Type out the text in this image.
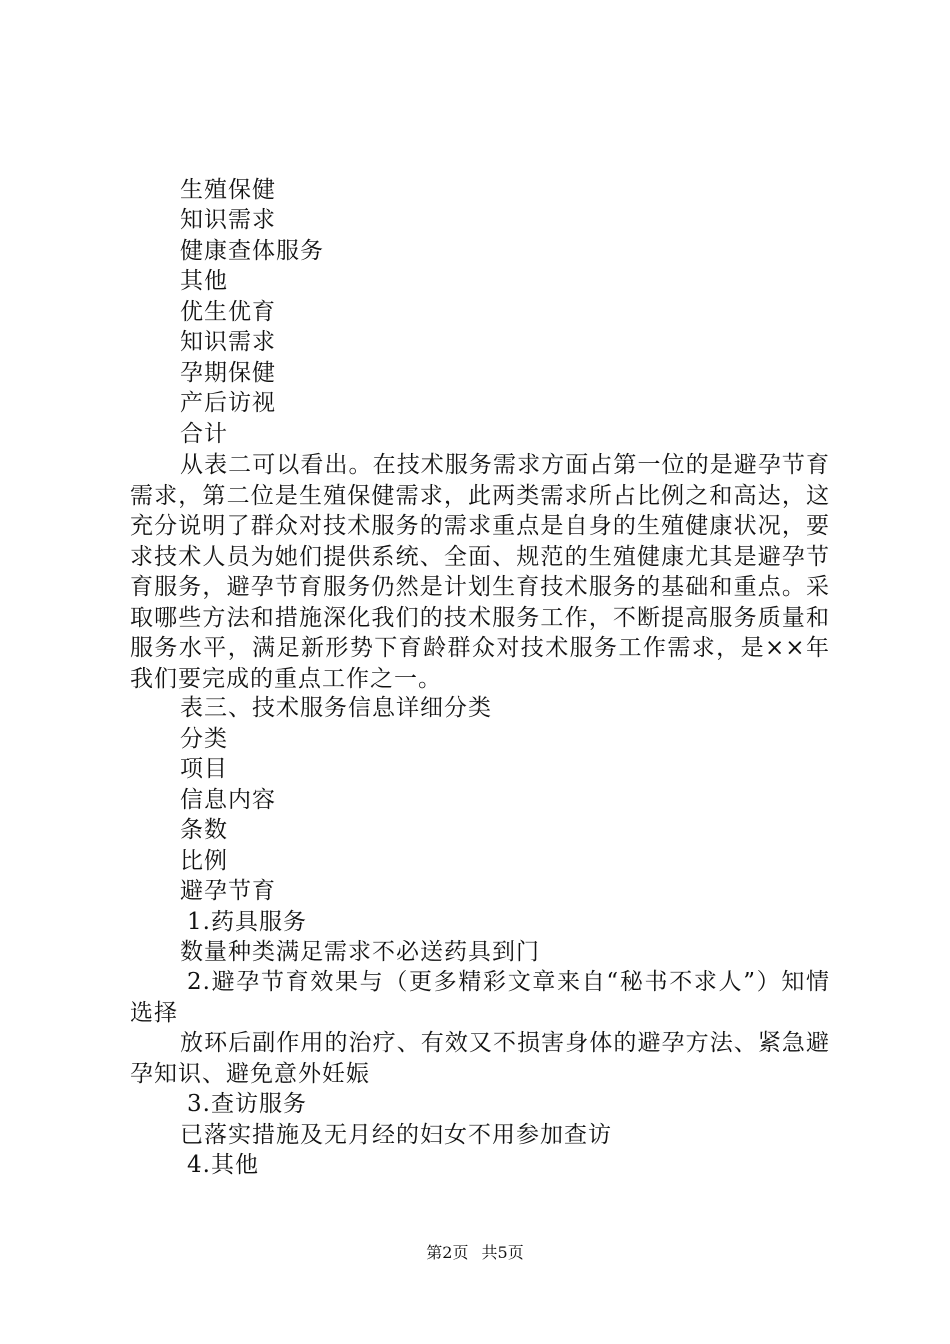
生殖保健
知识需求
健康查体服务
其他
优生优育
知识需求
孕期保健
产后访视
合计
从表二可以看出。在技术服务需求方面占第一位的是避孕节育需求，第二位是生殖保健需求，此两类需求所占比例之和高达，这充分说明了群众对技术服务的需求重点是自身的生殖健康状况，要求技术人员为她们提供系统、全面、规范的生殖健康尤其是避孕节育服务，避孕节育服务仍然是计划生育技术服务的基础和重点。采取哪些方法和措施深化我们的技术服务工作，不断提高服务质量和服务水平，满足新形势下育龄群众对技术服务工作需求，是××年我们要完成的重点工作之一。
表三、技术服务信息详细分类
分类
项目
信息内容
条数
比例
避孕节育
1.药具服务
数量种类满足需求不必送药具到门
2.避孕节育效果与（更多精彩文章来自“秘书不求人”）知情选择
放环后副作用的治疗、有效又不损害身体的避孕方法、紧急避孕知识、避免意外妊娠
3.查访服务
已落实措施及无月经的妇女不用参加查访
4.其他
第2页 共5页
